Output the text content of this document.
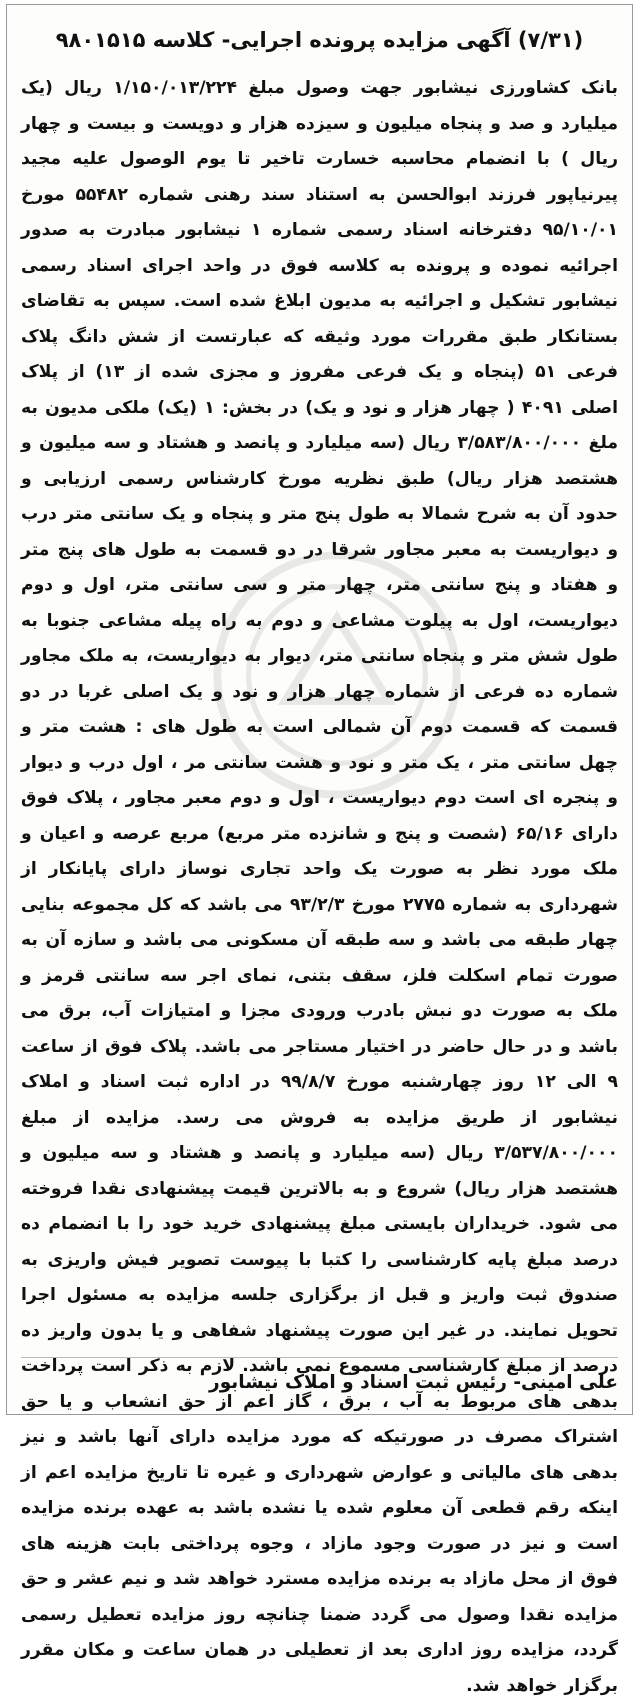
(۷/۳۱) آگهی مزایده پرونده اجرایی- کلاسه ۹۸۰۱۵۱۵
بانک کشاورزی نیشابور جهت وصول مبلغ ۱/۱۵۰/۰۱۳/۲۲۴ ریال (یک میلیارد و صد و پنجاه میلیون و سیزده هزار و دویست و بیست و چهار ریال ) با انضمام محاسبه خسارت تاخیر تا یوم الوصول علیه مجید پیرنیاپور فرزند ابوالحسن به استناد سند رهنی شماره ۵۵۴۸۲ مورخ ۹۵/۱۰/۰۱ دفترخانه اسناد رسمی شماره ۱ نیشابور مبادرت به صدور اجرائیه نموده و پرونده به کلاسه فوق در واحد اجرای اسناد رسمی نیشابور تشکیل و اجرائیه به مدیون ابلاغ شده است. سپس به تقاضای بستانکار طبق مقررات مورد وثیقه که عبارتست از شش دانگ پلاک فرعی ۵۱ (پنجاه و یک فرعی مفروز و مجزی شده از ۱۳) از پلاک اصلی ۴۰۹۱ ( چهار هزار و نود و یک) در بخش: ۱ (یک) ملکی مدیون به ملغ ۳/۵۸۳/۸۰۰/۰۰۰ ریال (سه میلیارد و پانصد و هشتاد و سه میلیون و هشتصد هزار ریال) طبق نظریه مورخ کارشناس رسمی ارزیابی و حدود آن به شرح شمالا به طول پنج متر و پنجاه و یک سانتی متر درب و دیواریست به معبر مجاور شرقا در دو قسمت به طول های پنج متر و هفتاد و پنج سانتی متر، چهار متر و سی سانتی متر، اول و دوم دیواریست، اول به پیلوت مشاعی و دوم به راه پیله مشاعی جنوبا به طول شش متر و پنجاه سانتی متر، دیوار به دیواریست، به ملک مجاور شماره ده فرعی از شماره چهار هزار و نود و یک اصلی غربا در دو قسمت که قسمت دوم آن شمالی است به طول های : هشت متر و چهل سانتی متر ، یک متر و نود و هشت سانتی مر ، اول درب و دیوار و پنجره ای است دوم دیواریست ، اول و دوم معبر مجاور ، پلاک فوق دارای ۶۵/۱۶ (شصت و پنج و شانزده متر مربع) مربع عرصه و اعیان و ملک مورد نظر به صورت یک واحد تجاری نوساز دارای پایانکار از شهرداری به شماره ۲۷۷۵ مورخ ۹۳/۲/۳ می باشد که کل مجموعه بنایی چهار طبقه می باشد و سه طبقه آن مسکونی می باشد و سازه آن به صورت تمام اسکلت فلز، سقف بتنی، نمای اجر سه سانتی قرمز و ملک به صورت دو نبش بادرب ورودی مجزا و امتیازات آب، برق می باشد و در حال حاضر در اختیار مستاجر می باشد. پلاک فوق از ساعت ۹ الی ۱۲ روز چهارشنبه مورخ ۹۹/۸/۷ در اداره ثبت اسناد و املاک نیشابور از طریق مزایده به فروش می رسد. مزایده از مبلغ ۳/۵۳۷/۸۰۰/۰۰۰ ریال (سه میلیارد و پانصد و هشتاد و سه میلیون و هشتصد هزار ریال) شروع و به بالاترین قیمت پیشنهادی نقدا فروخته می شود. خریداران بایستی مبلغ پیشنهادی خرید خود را با انضمام ده درصد مبلغ پایه کارشناسی را کتبا با پیوست تصویر فیش واریزی به صندوق ثبت واریز و قبل از برگزاری جلسه مزایده به مسئول اجرا تحویل نمایند. در غیر این صورت پیشنهاد شفاهی و یا بدون واریز ده درصد از مبلغ کارشناسی مسموع نمی باشد. لازم به ذکر است پرداخت بدهی های مربوط به آب ، برق ، گاز اعم از حق انشعاب و یا حق اشتراک مصرف در صورتیکه که مورد مزایده دارای آنها باشد و نیز بدهی های مالیاتی و عوارض شهرداری و غیره تا تاریخ مزایده اعم از اینکه رقم قطعی آن معلوم شده یا نشده باشد به عهده برنده مزایده است و نیز در صورت وجود مازاد ، وجوه پرداختی بابت هزینه های فوق از محل مازاد به برنده مزایده مسترد خواهد شد و نیم عشر و حق مزایده نقدا وصول می گردد ضمنا چنانچه روز مزایده تعطیل رسمی گردد، مزایده روز اداری بعد از تعطیلی در همان ساعت و مکان مقرر برگزار خواهد شد.
علی امینی- رئیس ثبت اسناد و املاک نیشابور
